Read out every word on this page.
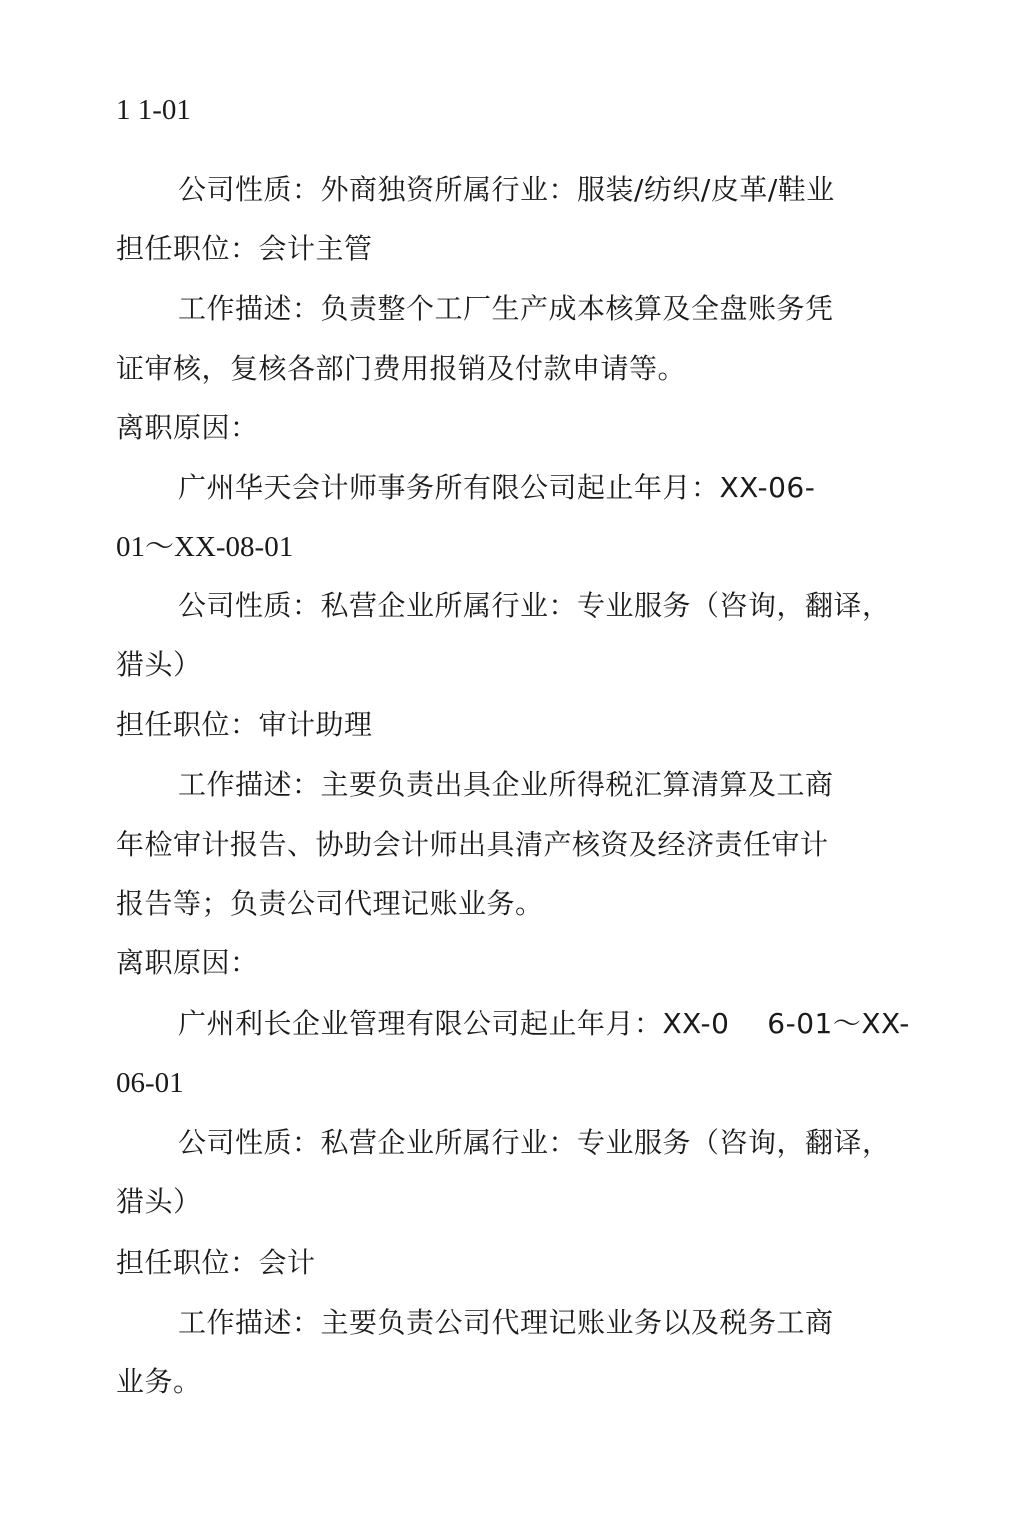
1 1-01

公司性质：外商独资所属行业：服装/纺织/皮革/鞋业

担任职位：会计主管

工作描述：负责整个工厂生产成本核算及全盘账务凭

证审核，复核各部门费用报销及付款申请等。

离职原因：

广州华天会计师事务所有限公司起止年月：XX-06-

01～XX-08-01

公司性质：私营企业所属行业：专业服务（咨询，翻译，

猎头）

担任职位：审计助理

工作描述：主要负责出具企业所得税汇算清算及工商

年检审计报告、协助会计师出具清产核资及经济责任审计

报告等；负责公司代理记账业务。

离职原因：

广州利长企业管理有限公司起止年月：XX-0　 6-01～XX-

06-01

公司性质：私营企业所属行业：专业服务（咨询，翻译，

猎头）

担任职位：会计

工作描述：主要负责公司代理记账业务以及税务工商

业务。
